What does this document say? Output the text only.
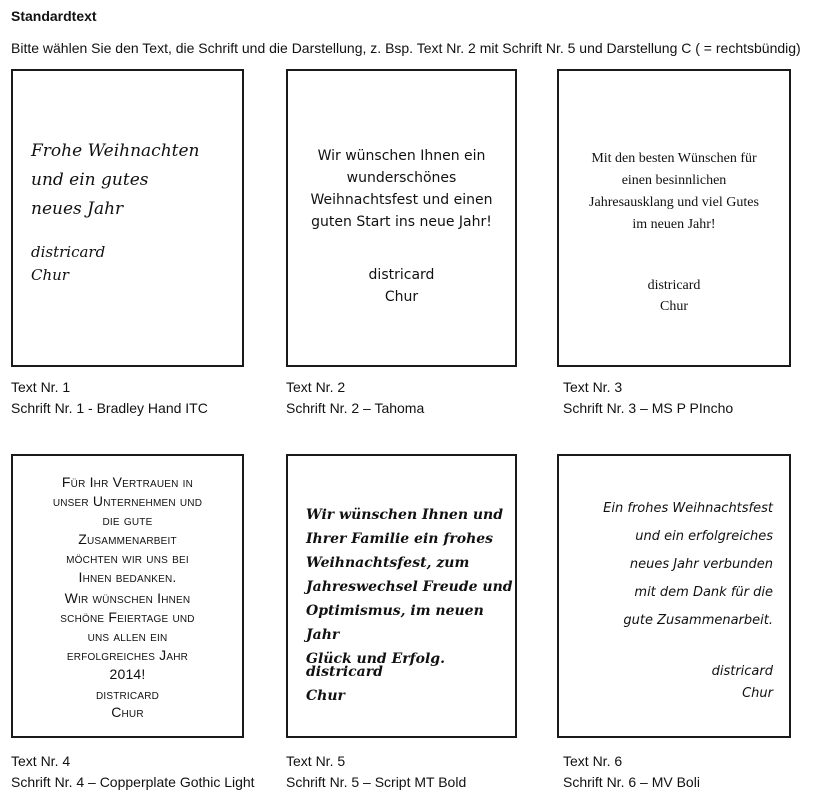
Standardtext
Bitte wählen Sie den Text, die Schrift und die Darstellung, z. Bsp. Text Nr. 2 mit Schrift Nr. 5 und Darstellung C ( = rechtsbündig)
Frohe Weihnachten
und ein gutes
neues Jahr
districard
Chur
Text Nr. 1
Schrift Nr. 1 - Bradley Hand ITC
Wir wünschen Ihnen ein
wunderschönes
Weihnachtsfest und einen
guten Start ins neue Jahr!
districard
Chur
Text Nr. 2
Schrift Nr. 2 – Tahoma
Mit den besten Wünschen für
einen besinnlichen
Jahresausklang und viel Gutes
im neuen Jahr!
districard
Chur
Text Nr. 3
Schrift Nr. 3 – MS P PIncho
Für Ihr Vertrauen in
unser Unternehmen und
die gute
Zusammenarbeit
möchten wir uns bei
Ihnen bedanken.
Wir wünschen Ihnen
schöne Feiertage und
uns allen ein
erfolgreiches Jahr
2014!
districard
Chur
Text Nr. 4
Schrift Nr. 4 – Copperplate Gothic Light
Wir wünschen Ihnen und
Ihrer Familie ein frohes
Weihnachtsfest, zum
Jahreswechsel Freude und
Optimismus, im neuen Jahr
Glück und Erfolg.
districard
Chur
Text Nr. 5
Schrift Nr. 5 – Script MT Bold
Ein frohes Weihnachtsfest
und ein erfolgreiches
neues Jahr verbunden
mit dem Dank für die
gute Zusammenarbeit.
districard
Chur
Text Nr. 6
Schrift Nr. 6 – MV Boli
